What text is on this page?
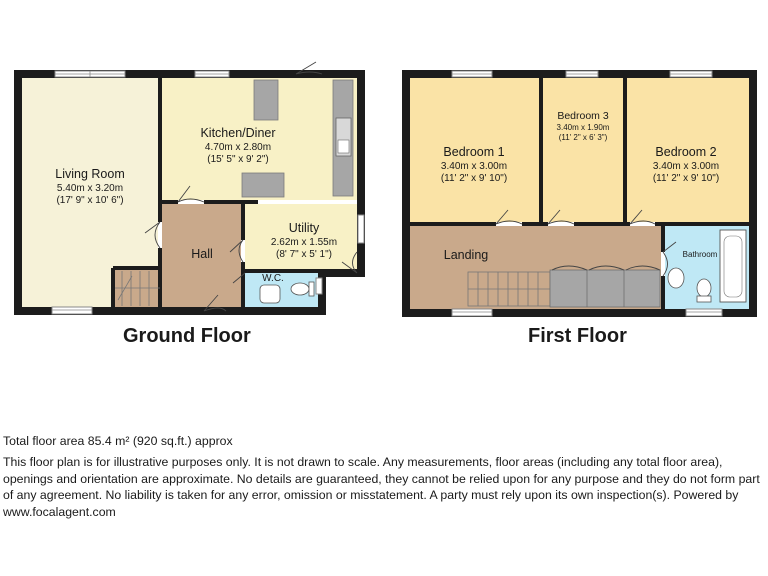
Living Room
5.40m x 3.20m
(17' 9" x 10' 6")
Kitchen/Diner
4.70m x 2.80m
(15' 5" x 9' 2")
Utility
2.62m x 1.55m
(8' 7" x 5' 1")
Hall
W.C.
Bedroom 1
3.40m x 3.00m
(11' 2" x 9' 10")
Bedroom 3
3.40m x 1.90m
(11' 2" x 6' 3")
Bedroom 2
3.40m x 3.00m
(11' 2" x 9' 10")
Landing	Bathroom
Ground Floor	First Floor
Total floor area 85.4 m² (920 sq.ft.) approx
This floor plan is for illustrative purposes only. It is not drawn to scale. Any measurements, floor areas (including any total floor area), openings and orientation are approximate. No details are guaranteed, they cannot be relied upon for any purpose and they do not form part of any agreement. No liability is taken for any error, omission or misstatement. A party must rely upon its own inspection(s). Powered by www.focalagent.com
